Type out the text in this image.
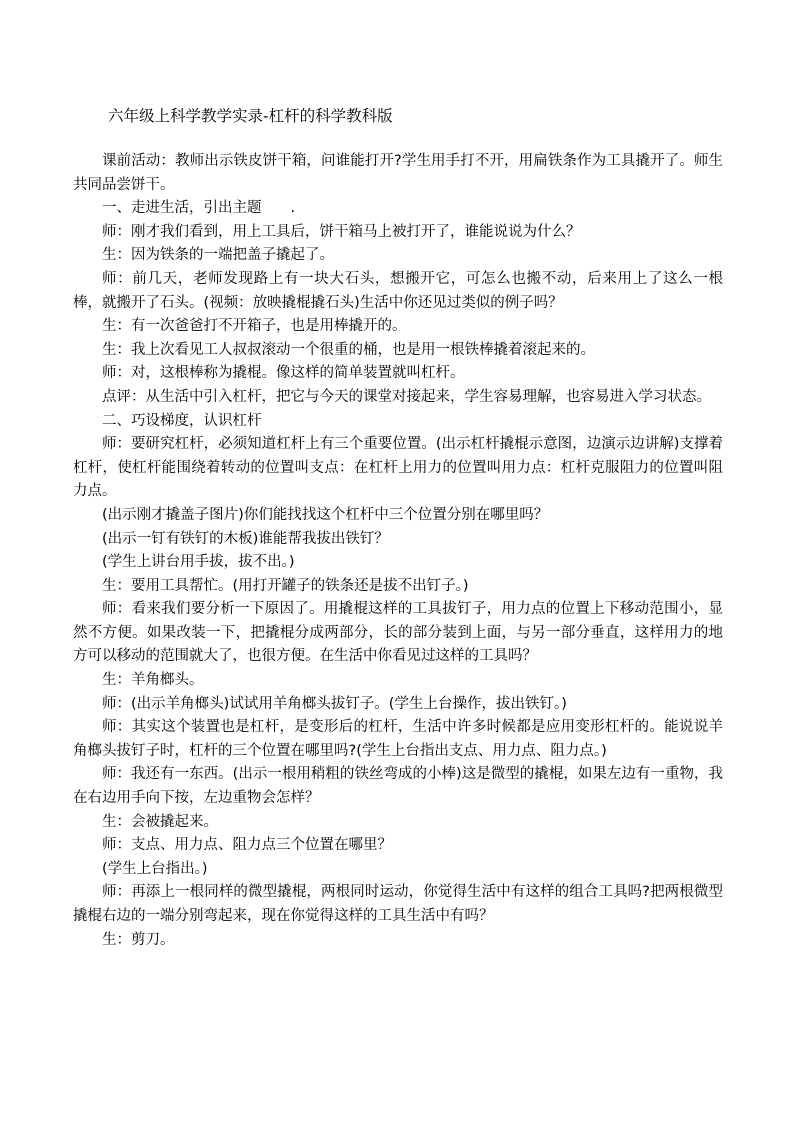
六年级上科学教学实录-杠杆的科学教科版

课前活动：教师出示铁皮饼干箱，问谁能打开?学生用手打不开，用扁铁条作为工具撬开了。师生共同品尝饼干。

一、走进生活，引出主题　　.

师：刚才我们看到，用上工具后，饼干箱马上被打开了，谁能说说为什么？

生：因为铁条的一端把盖子撬起了。

师：前几天，老师发现路上有一块大石头，想搬开它，可怎么也搬不动，后来用上了这么一根棒，就搬开了石头。(视频：放映撬棍撬石头)生活中你还见过类似的例子吗？

生：有一次爸爸打不开箱子，也是用棒撬开的。

生：我上次看见工人叔叔滚动一个很重的桶，也是用一根铁棒撬着滚起来的。

师：对，这根棒称为撬棍。像这样的简单装置就叫杠杆。

点评：从生活中引入杠杆，把它与今天的课堂对接起来，学生容易理解，也容易进入学习状态。

二、巧设梯度，认识杠杆

师：要研究杠杆，必须知道杠杆上有三个重要位置。(出示杠杆撬棍示意图，边演示边讲解)支撑着杠杆，使杠杆能围绕着转动的位置叫支点：在杠杆上用力的位置叫用力点：杠杆克服阻力的位置叫阻力点。

(出示刚才撬盖子图片)你们能找找这个杠杆中三个位置分别在哪里吗？

(出示一钉有铁钉的木板)谁能帮我拔出铁钉？

(学生上讲台用手拔，拔不出。)

生：要用工具帮忙。(用打开罐子的铁条还是拔不出钉子。)

师：看来我们要分析一下原因了。用撬棍这样的工具拔钉子，用力点的位置上下移动范围小，显然不方便。如果改装一下，把撬棍分成两部分，长的部分装到上面，与另一部分垂直，这样用力的地方可以移动的范围就大了，也很方便。在生活中你看见过这样的工具吗？

生：羊角榔头。

师：(出示羊角榔头)试试用羊角榔头拔钉子。(学生上台操作，拔出铁钉。)

师：其实这个装置也是杠杆，是变形后的杠杆，生活中许多时候都是应用变形杠杆的。能说说羊角榔头拔钉子时，杠杆的三个位置在哪里吗?(学生上台指出支点、用力点、阻力点。)

师：我还有一东西。(出示一根用稍粗的铁丝弯成的小棒)这是微型的撬棍，如果左边有一重物，我在右边用手向下按，左边重物会怎样？

生：会被撬起来。

师：支点、用力点、阻力点三个位置在哪里？

(学生上台指出。)

师：再添上一根同样的微型撬棍，两根同时运动，你觉得生活中有这样的组合工具吗?把两根微型撬棍右边的一端分别弯起来，现在你觉得这样的工具生活中有吗？

生：剪刀。
